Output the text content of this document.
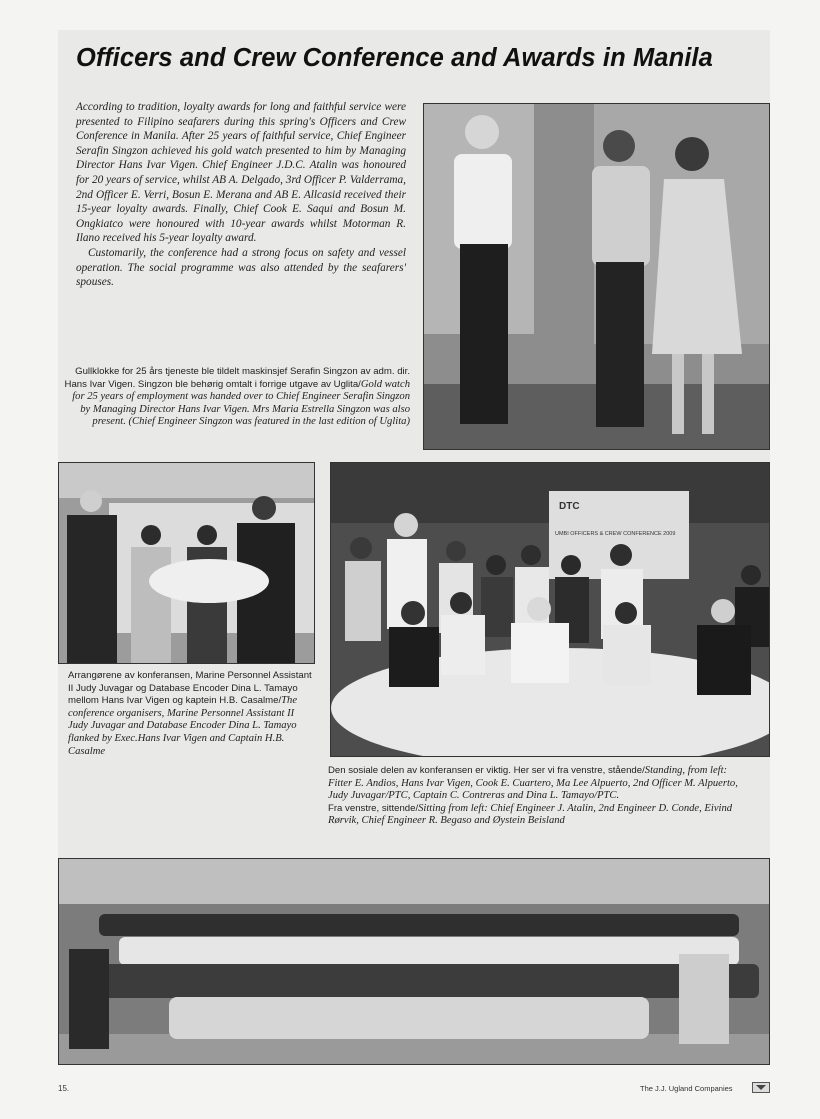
Officers and Crew Conference and Awards in Manila

According to tradition, loyalty awards for long and faithful service were presented to Filipino seafarers during this spring's Officers and Crew Conference in Manila. After 25 years of faithful service, Chief Engineer Serafin Singzon achieved his gold watch presented to him by Managing Director Hans Ivar Vigen. Chief Engineer J.D.C. Atalin was honoured for 20 years of service, whilst AB A. Delgado, 3rd Officer P. Valderrama, 2nd Officer E. Verri, Bosun E. Merana and AB E. Allcasid received their 15-year loyalty awards. Finally, Chief Cook E. Saqui and Bosun M. Ongkiatco were honoured with 10-year awards whilst Motorman R. Ilano received his 5-year loyalty award.

Customarily, the conference had a strong focus on safety and vessel operation. The social programme was also attended by the seafarers' spouses.

Gullklokke for 25 års tjeneste ble tildelt maskinsjef Serafin Singzon av adm. dir. Hans Ivar Vigen. Singzon ble behørig omtalt i forrige utgave av Uglita/Gold watch for 25 years of employment was handed over to Chief Engineer Serafin Singzon by Managing Director Hans Ivar Vigen. Mrs Maria Estrella Singzon was also present. (Chief Engineer Singzon was featured in the last edition of Uglita)
Arrangørene av konferansen, Marine Personnel Assistant II Judy Juvagar og Database Encoder Dina L. Tamayo mellom Hans Ivar Vigen og kaptein H.B. Casalme/The conference organisers, Marine Personnel Assistant II Judy Juvagar and Database Encoder Dina L. Tamayo flanked by Exec.Hans Ivar Vigen and Captain H.B. Casalme
DTC
UMBI OFFICERS & CREW CONFERENCE 2009
Den sosiale delen av konferansen er viktig. Her ser vi fra venstre, stående/Standing, from left: Fitter E. Andios, Hans Ivar Vigen, Cook E. Cuartero, Ma Lee Alpuerto, 2nd Officer M. Alpuerto, Judy Juvagar/PTC, Captain C. Contreras and Dina L. Tamayo/PTC.
Fra venstre, sittende/Sitting from left: Chief Engineer J. Atalin, 2nd Engineer D. Conde, Eivind Rørvik, Chief Engineer R. Begaso and Øystein Beisland
15.	The J.J. Ugland Companies
